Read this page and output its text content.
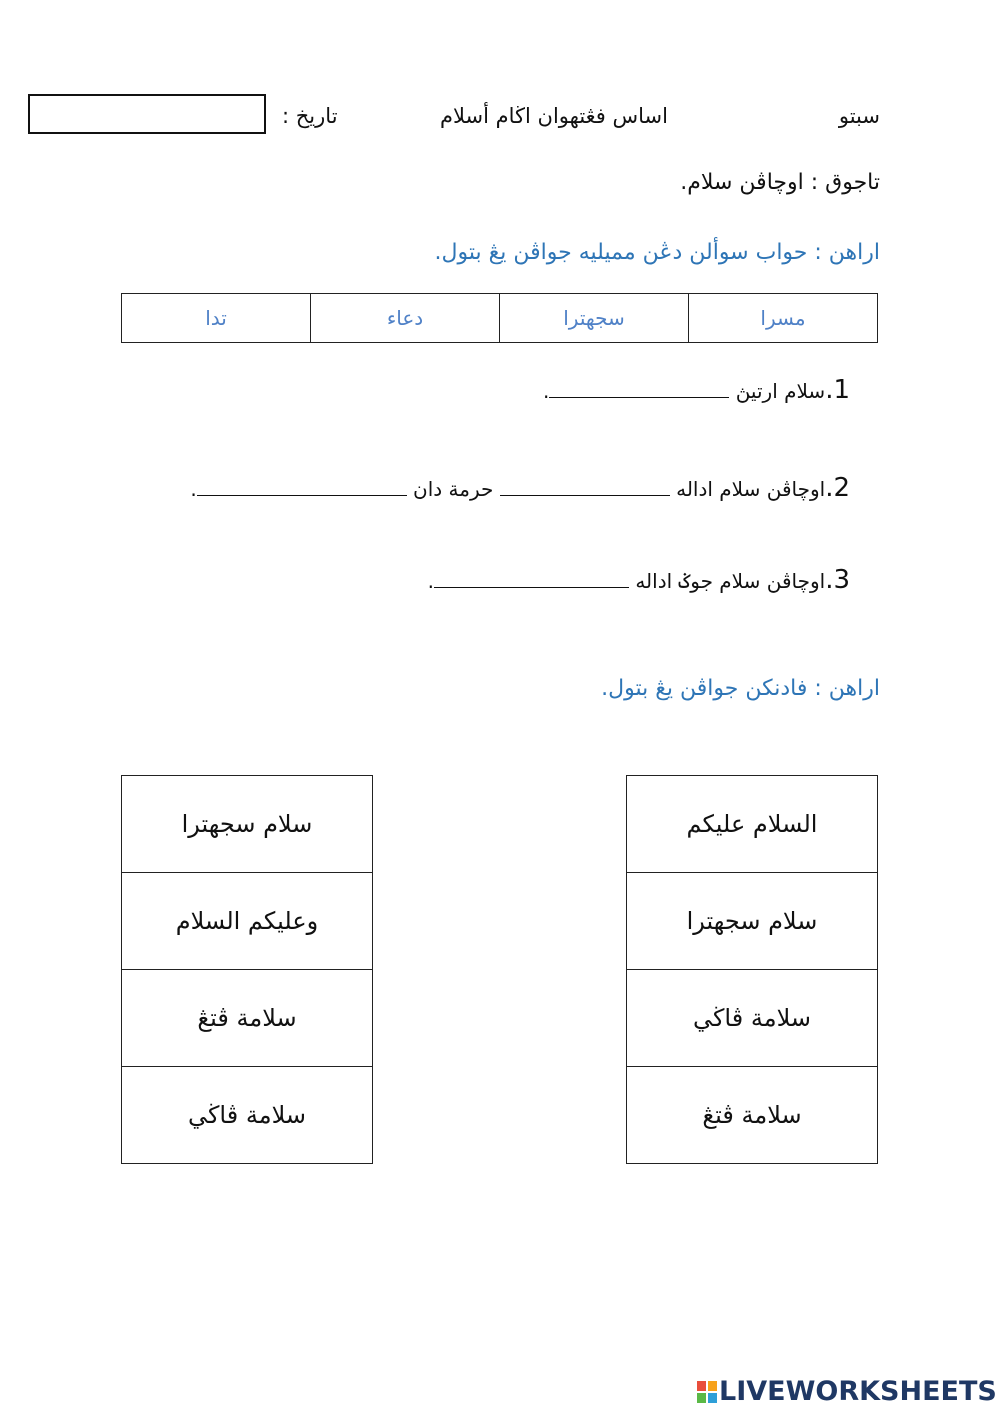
سبتو
اساس فڠتهوان اڬام أسلام
تاريخ :
تاجوق : اوچاڤن سلام.
اراهن : حواب سوألن دڠن مميليه جواڤن يڠ بتول.
تدا	دعاء	سجهترا	مسرا
1.سلام ارتيڽ .
2.اوچاڤن سلام اداله  حرمة دان .
3.اوچاڤن سلام جوݢ اداله .
اراهن : فادنكن جواڤن يڠ بتول.
سلام سجهترا
وعليكم السلام
سلامة ڤتڠ
سلامة ڤاڬي
السلام عليكم
سلام سجهترا
سلامة ڤاڬي
سلامة ڤتڠ
LIVEWORKSHEETS
